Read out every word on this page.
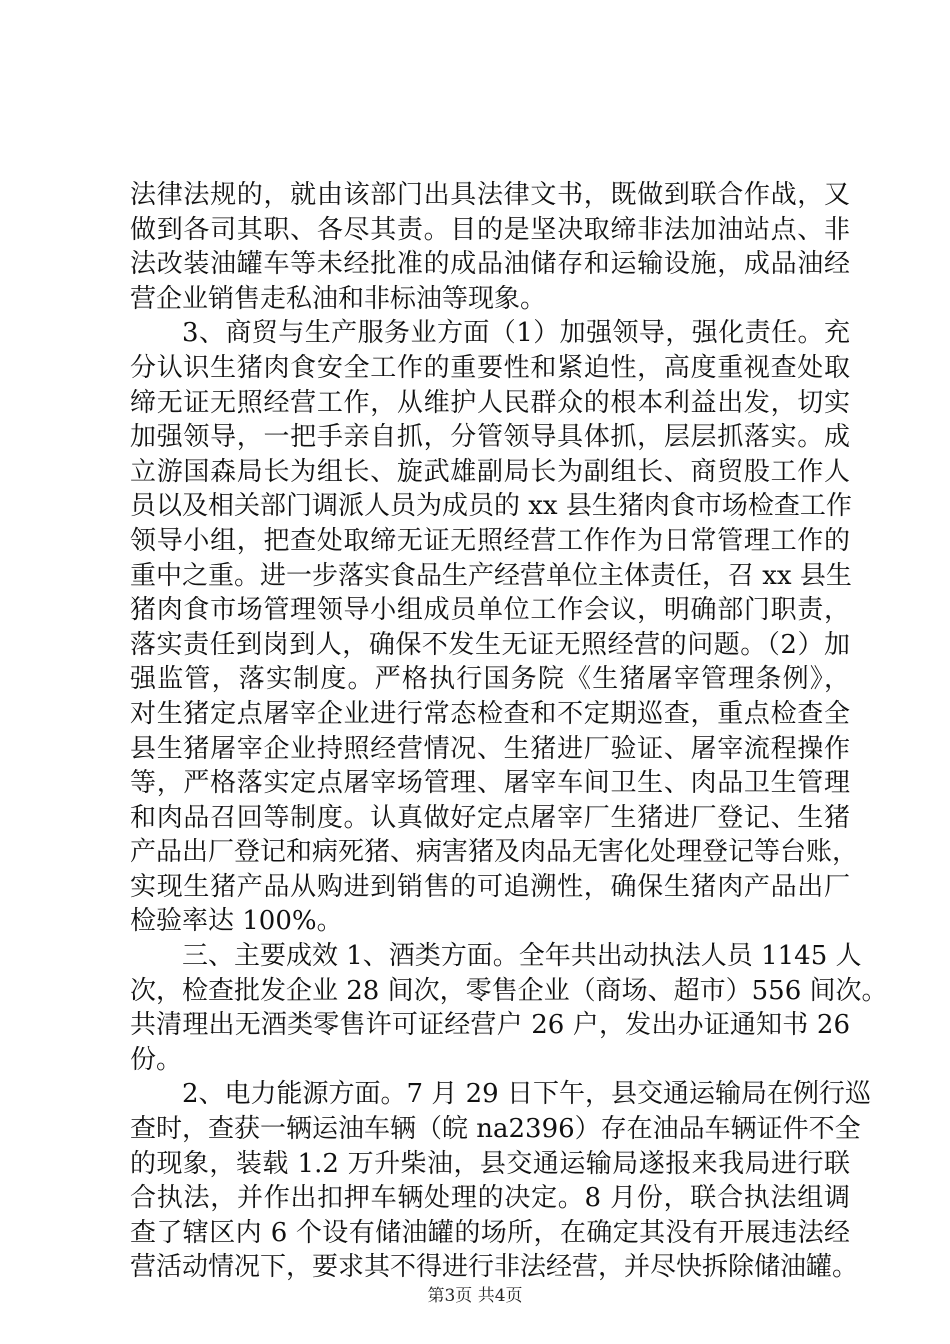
法律法规的，就由该部门出具法律文书，既做到联合作战，又
做到各司其职、各尽其责。目的是坚决取缔非法加油站点、非
法改装油罐车等未经批准的成品油储存和运输设施，成品油经
营企业销售走私油和非标油等现象。
3、商贸与生产服务业方面（1）加强领导，强化责任。充
分认识生猪肉食安全工作的重要性和紧迫性，高度重视查处取
缔无证无照经营工作，从维护人民群众的根本利益出发，切实
加强领导，一把手亲自抓，分管领导具体抓，层层抓落实。成
立游国森局长为组长、旋武雄副局长为副组长、商贸股工作人
员以及相关部门调派人员为成员的 xx 县生猪肉食市场检查工作
领导小组，把查处取缔无证无照经营工作作为日常管理工作的
重中之重。进一步落实食品生产经营单位主体责任，召 xx 县生
猪肉食市场管理领导小组成员单位工作会议，明确部门职责，
落实责任到岗到人，确保不发生无证无照经营的问题。（2）加
强监管，落实制度。严格执行国务院《生猪屠宰管理条例》，
对生猪定点屠宰企业进行常态检查和不定期巡查，重点检查全
县生猪屠宰企业持照经营情况、生猪进厂验证、屠宰流程操作
等，严格落实定点屠宰场管理、屠宰车间卫生、肉品卫生管理
和肉品召回等制度。认真做好定点屠宰厂生猪进厂登记、生猪
产品出厂登记和病死猪、病害猪及肉品无害化处理登记等台账，
实现生猪产品从购进到销售的可追溯性，确保生猪肉产品出厂
检验率达 100%。
三、主要成效 1、酒类方面。全年共出动执法人员 1145 人
次，检查批发企业 28 间次，零售企业（商场、超市）556 间次。
共清理出无酒类零售许可证经营户 26 户，发出办证通知书 26
份。
2、电力能源方面。7 月 29 日下午，县交通运输局在例行巡
查时，查获一辆运油车辆（皖 na2396）存在油品车辆证件不全
的现象，装载 1.2 万升柴油，县交通运输局遂报来我局进行联
合执法，并作出扣押车辆处理的决定。8 月份，联合执法组调
查了辖区内 6 个设有储油罐的场所，在确定其没有开展违法经
营活动情况下，要求其不得进行非法经营，并尽快拆除储油罐。
第3页 共4页
